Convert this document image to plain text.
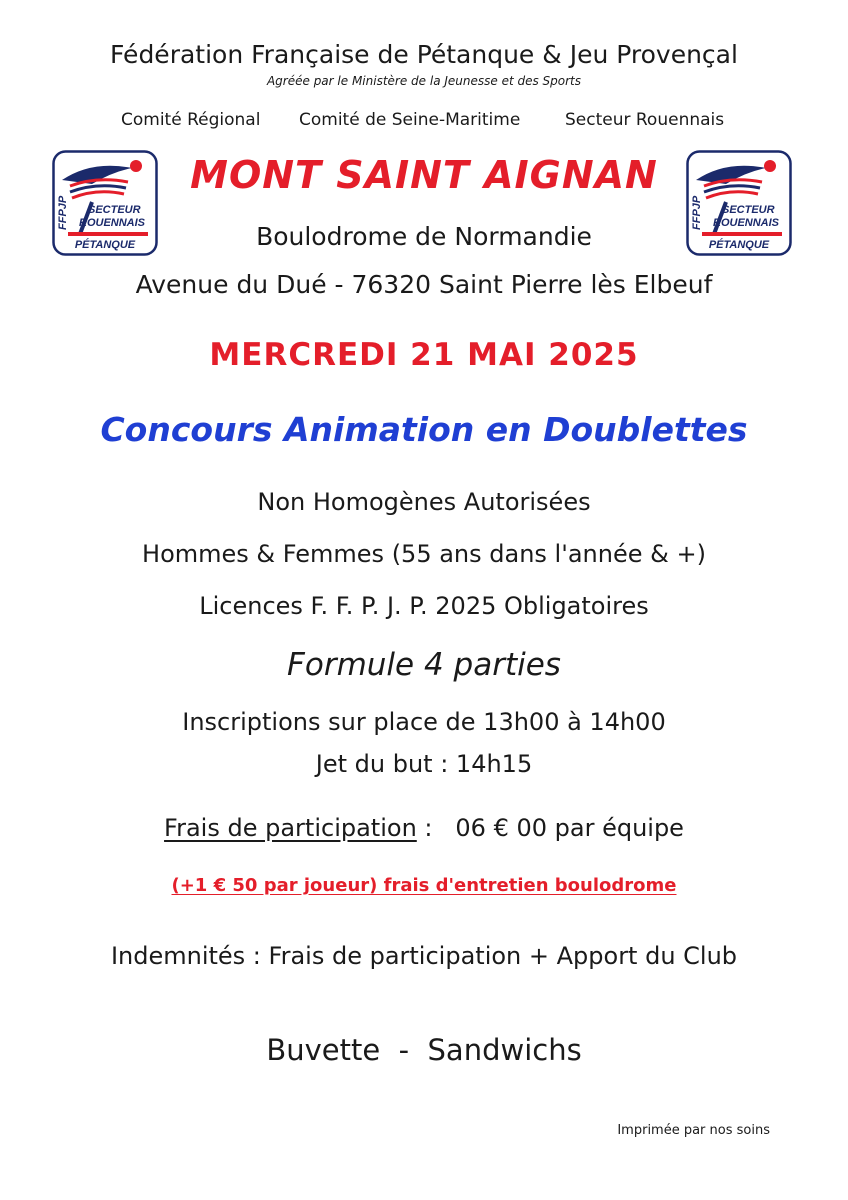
Fédération Française de Pétanque & Jeu Provençal
Agréée par le Ministère de la Jeunesse et des Sports
Comité Régional Comité de Seine-Maritime	Secteur Rouennais
FFPJP SECTEUR
ROUENNAIS
PÉTANQUE
FFPJP SECTEUR
ROUENNAIS
PÉTANQUE
MONT SAINT AIGNAN
Boulodrome de Normandie
Avenue du Dué - 76320 Saint Pierre lès Elbeuf
MERCREDI 21 MAI 2025
Concours Animation en Doublettes
Non Homogènes Autorisées
Hommes & Femmes (55 ans dans l'année & +)
Licences F. F. P. J. P. 2025 Obligatoires
Formule 4 parties
Inscriptions sur place de 13h00 à 14h00
Jet du but : 14h15
Frais de participation :   06 € 00 par équipe
(+1 € 50 par joueur) frais d'entretien boulodrome
Indemnités : Frais de participation + Apport du Club
Buvette  -  Sandwichs
Imprimée par nos soins
